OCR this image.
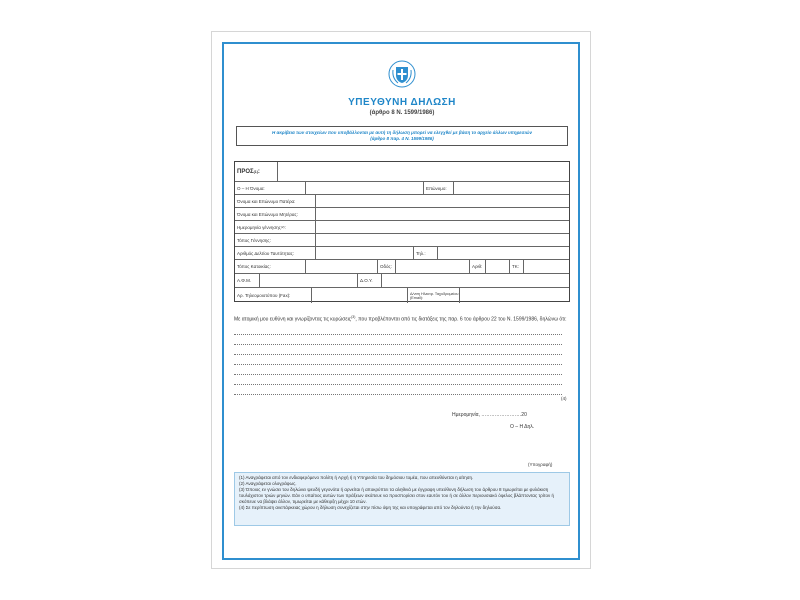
ΥΠΕΥΘΥΝΗ ΔΗΛΩΣΗ
(άρθρο 8 Ν. 1599/1986)
Η ακρίβεια των στοιχείων που υποβάλλονται με αυτή τη δήλωση μπορεί να ελεγχθεί με βάση το αρχείο άλλων υπηρεσιών
(άρθρο 8 παρ. 4 Ν. 1599/1986)
ΠΡΟΣ (1) :
Ο – Η Όνομα:	Επώνυμο:
Όνομα και Επώνυμο Πατέρα:
Όνομα και Επώνυμο Μητέρας:
Ημερομηνία γέννησης (2) :
Τόπος Γέννησης:
Αριθμός Δελτίου Ταυτότητας:	Τηλ.:
Τόπος Κατοικίας:	Οδός:	Αριθ:	ΤΚ:
Α.Φ.Μ.	Δ.Ο.Υ.
Αρ. Τηλεομοιοτύπου (Fax):	Δ/νση Ηλεκτρ. Ταχυδρομείου (Email):
Με ατομική μου ευθύνη και γνωρίζοντας τις κυρώσεις$^{(3)}$, που προβλέπονται από τις διατάξεις της παρ. 6 του άρθρου 22 του Ν. 1599/1986, δηλώνω ότι:
(4)
Ημερομηνία, ……………………20
Ο – Η Δηλ.
(Υπογραφή)
(1) Αναγράφεται από τον ενδιαφερόμενο πολίτη ή Αρχή ή η Υπηρεσία του δημόσιου τομέα, που απευθύνεται η αίτηση.
(2) Αναγράφεται ολογράφως.
(3) Όποιος εν γνώσει του δηλώνει ψευδή γεγονότα ή αρνείται ή αποκρύπτει τα αληθινά με έγγραφη υπεύθυνη δήλωση του άρθρου 8 τιμωρείται με φυλάκιση τουλάχιστον τριών μηνών. Εάν ο υπαίτιος αυτών των πράξεων σκόπευε να προσπορίσει στον εαυτόν του ή σε άλλον περιουσιακό όφελος βλάπτοντας τρίτον ή σκόπευε να βλάψει άλλον, τιμωρείται με κάθειρξη μέχρι 10 ετών.
(4) Σε περίπτωση ανεπάρκειας χώρου η δήλωση συνεχίζεται στην πίσω όψη της και υπογράφεται από τον δηλούντα ή την δηλούσα.
